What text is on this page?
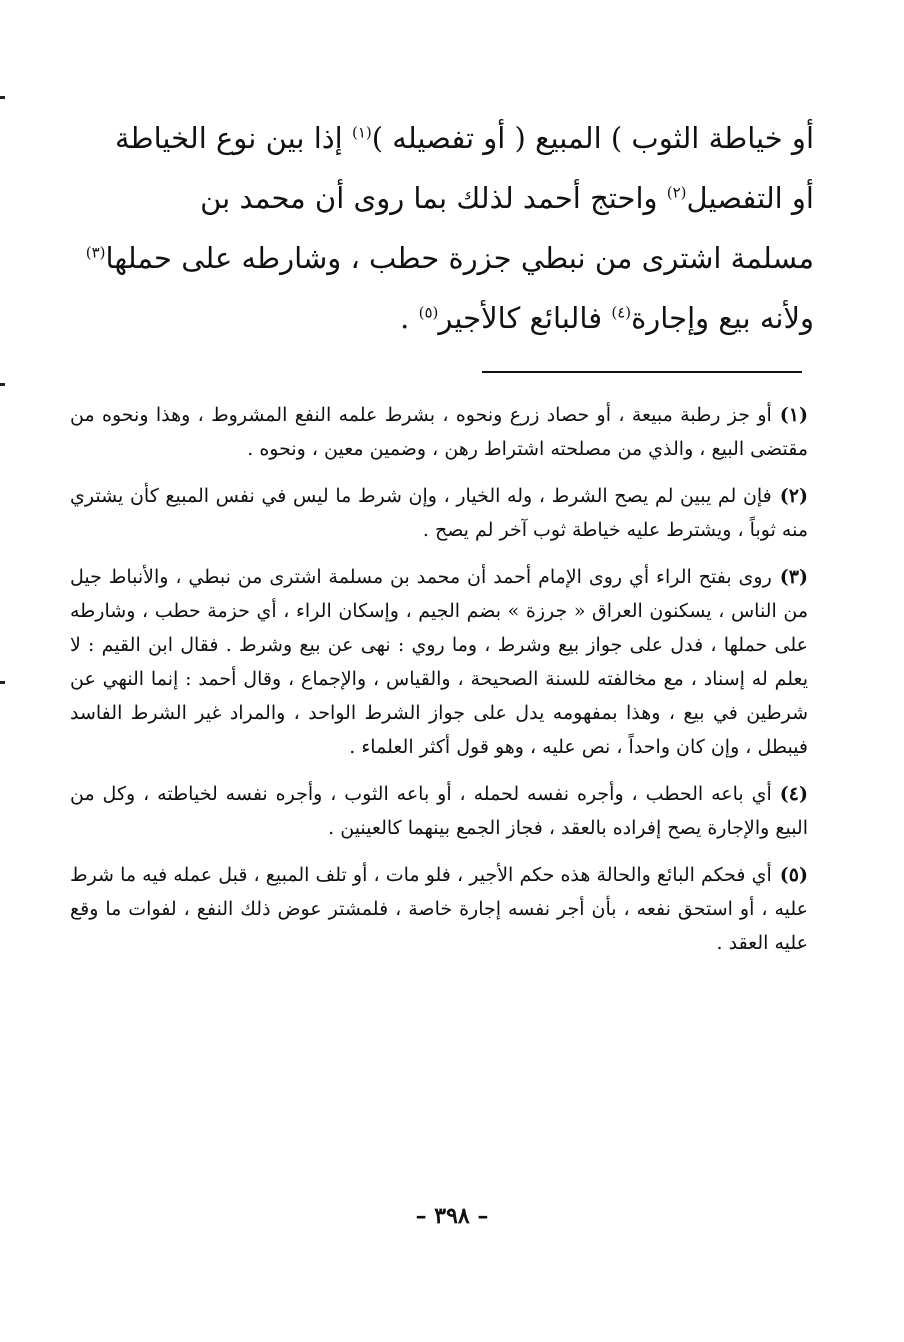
أو خياطة الثوب ) المبيع ( أو تفصيله )$^{(١)}$ إذا بين نوع الخياطة
أو التفصيل$^{(٢)}$ واحتج أحمد لذلك بما روى أن محمد بن
مسلمة اشترى من نبطي جزرة حطب ، وشارطه على حملها$^{(٣)}$
ولأنه بيع وإجارة$^{(٤)}$ فالبائع كالأجير$^{(٥)}$ .

(١)أو جز رطبة مبيعة ، أو حصاد زرع ونحوه ، بشرط علمه النفع المشروط ، وهذا ونحوه من مقتضى البيع ، والذي من مصلحته اشتراط رهن ، وضمين معين ، ونحوه .

(٢)فإن لم يبين لم يصح الشرط ، وله الخيار ، وإن شرط ما ليس في نفس المبيع كأن يشتري منه ثوباً ، ويشترط عليه خياطة ثوب آخر لم يصح .

(٣)روى بفتح الراء أي روى الإمام أحمد أن محمد بن مسلمة اشترى من نبطي ، والأنباط جيل من الناس ، يسكنون العراق « جرزة » بضم الجيم ، وإسكان الراء ، أي حزمة حطب ، وشارطه على حملها ، فدل على جواز بيع وشرط ، وما روي : نهى عن بيع وشرط . فقال ابن القيم : لا يعلم له إسناد ، مع مخالفته للسنة الصحيحة ، والقياس ، والإجماع ، وقال أحمد : إنما النهي عن شرطين في بيع ، وهذا بمفهومه يدل على جواز الشرط الواحد ، والمراد غير الشرط الفاسد فيبطل ، وإن كان واحداً ، نص عليه ، وهو قول أكثر العلماء .

(٤)أي باعه الحطب ، وأجره نفسه لحمله ، أو باعه الثوب ، وأجره نفسه لخياطته ، وكل من البيع والإجارة يصح إفراده بالعقد ، فجاز الجمع بينهما كالعينين .

(٥)أي فحكم البائع والحالة هذه حكم الأجير ، فلو مات ، أو تلف المبيع ، قبل عمله فيه ما شرط عليه ، أو استحق نفعه ، بأن أجر نفسه إجارة خاصة ، فلمشتر عوض ذلك النفع ، لفوات ما وقع عليه العقد .

– ٣٩٨ –
